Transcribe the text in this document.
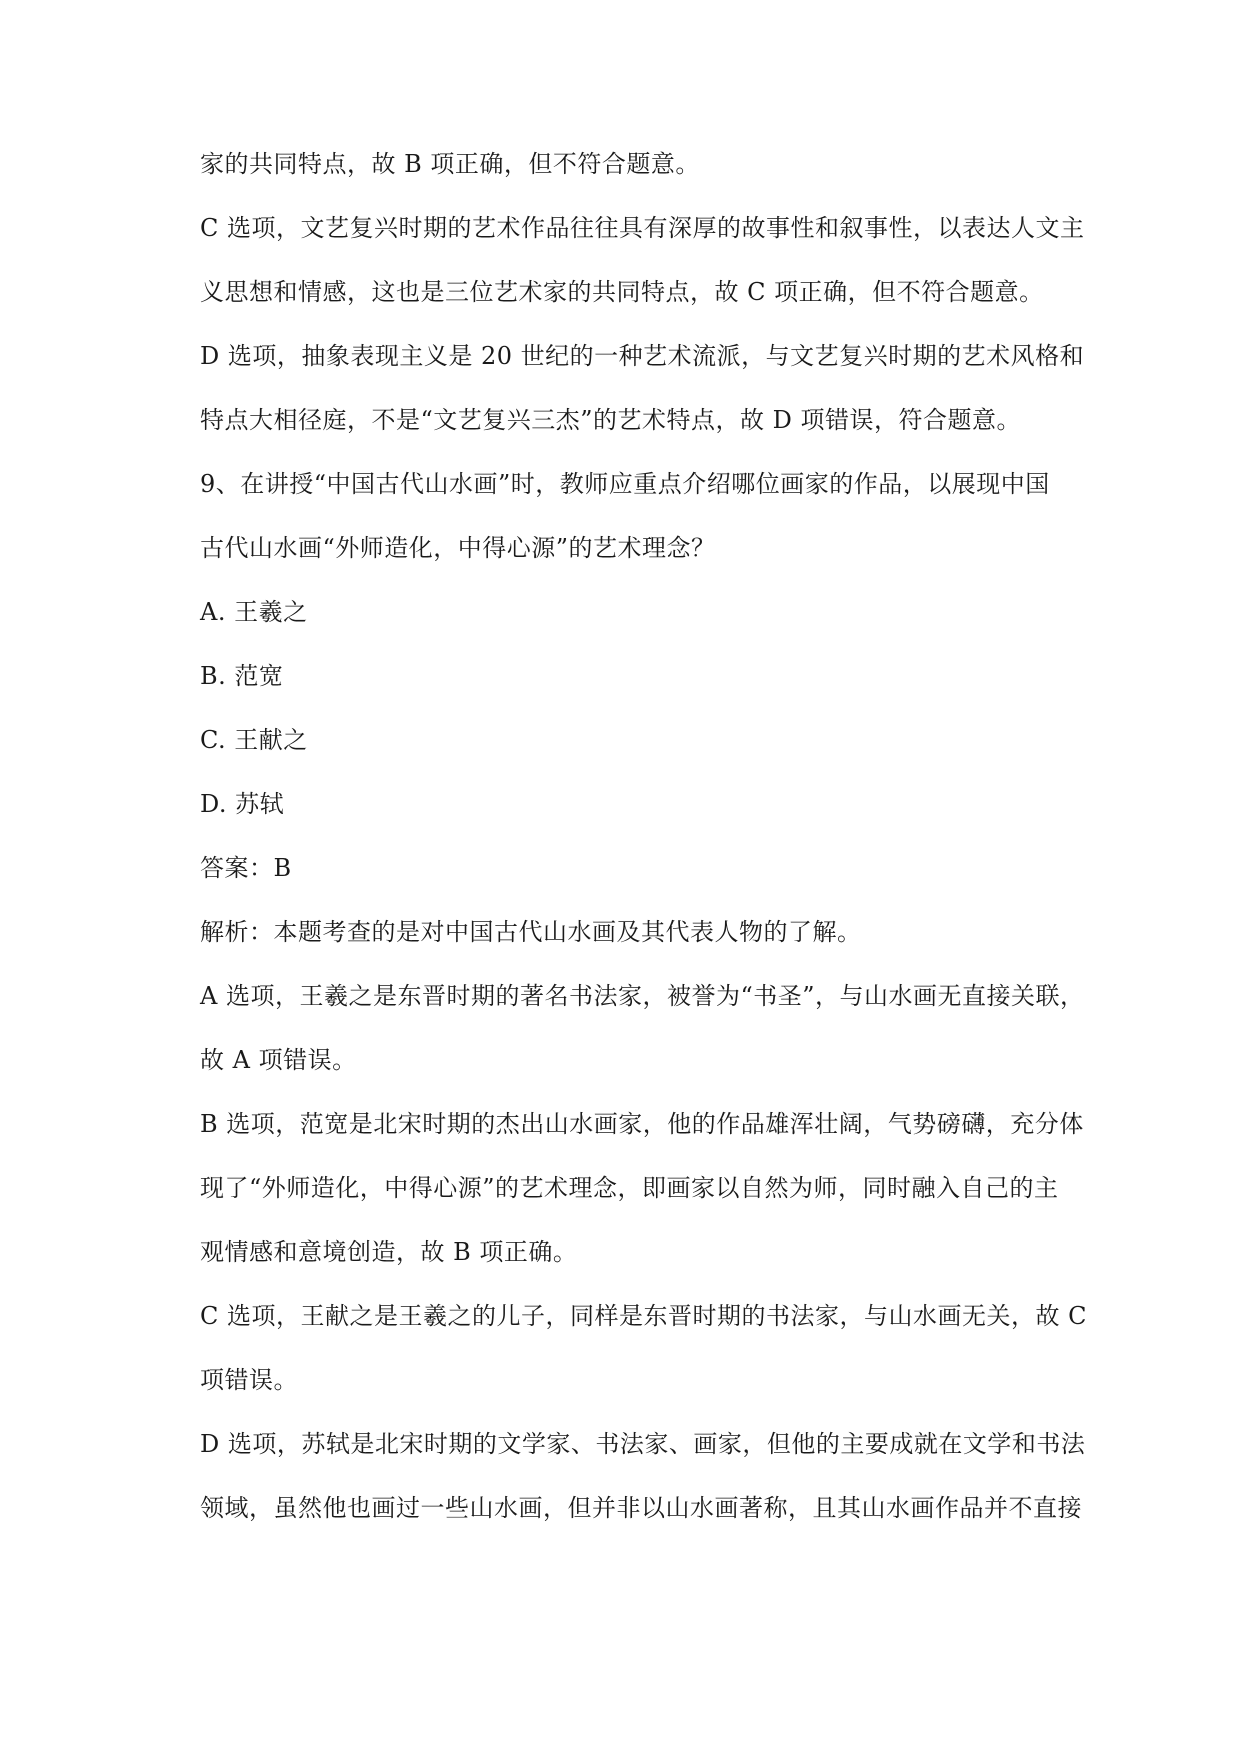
家的共同特点，故 B 项正确，但不符合题意。
C 选项，文艺复兴时期的艺术作品往往具有深厚的故事性和叙事性，以表达人文主
义思想和情感，这也是三位艺术家的共同特点，故 C 项正确，但不符合题意。
D 选项，抽象表现主义是 20 世纪的一种艺术流派，与文艺复兴时期的艺术风格和
特点大相径庭，不是“文艺复兴三杰”的艺术特点，故 D 项错误，符合题意。
9、在讲授“中国古代山水画”时，教师应重点介绍哪位画家的作品，以展现中国
古代山水画“外师造化，中得心源”的艺术理念？
A. 王羲之
B. 范宽
C. 王献之
D. 苏轼
答案：B
解析：本题考查的是对中国古代山水画及其代表人物的了解。
A 选项，王羲之是东晋时期的著名书法家，被誉为“书圣”，与山水画无直接关联，
故 A 项错误。
B 选项，范宽是北宋时期的杰出山水画家，他的作品雄浑壮阔，气势磅礴，充分体
现了“外师造化，中得心源”的艺术理念，即画家以自然为师，同时融入自己的主
观情感和意境创造，故 B 项正确。
C 选项，王献之是王羲之的儿子，同样是东晋时期的书法家，与山水画无关，故 C
项错误。
D 选项，苏轼是北宋时期的文学家、书法家、画家，但他的主要成就在文学和书法
领域，虽然他也画过一些山水画，但并非以山水画著称，且其山水画作品并不直接
